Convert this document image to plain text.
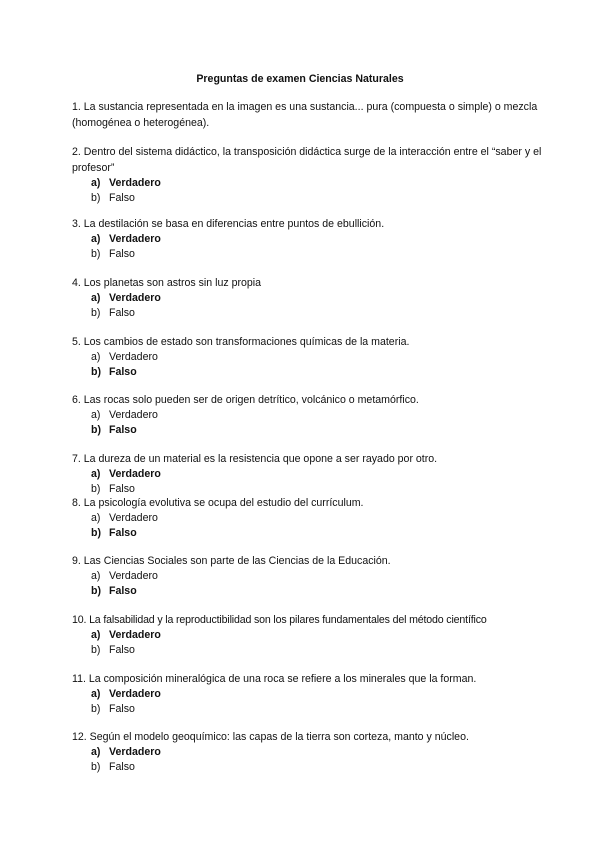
Preguntas de examen Ciencias Naturales
1. La sustancia representada en la imagen es una sustancia... pura (compuesta o simple) o mezcla (homogénea o heterogénea).
2. Dentro del sistema didáctico, la transposición didáctica surge de la interacción entre el “saber y el profesor”
a) Verdadero
b) Falso
3. La destilación se basa en diferencias entre puntos de ebullición.
a) Verdadero
b) Falso
4. Los planetas son astros sin luz propia
a) Verdadero
b) Falso
5. Los cambios de estado son transformaciones químicas de la materia.
a) Verdadero
b) Falso
6. Las rocas solo pueden ser de origen detrítico, volcánico o metamórfico.
a) Verdadero
b) Falso
7. La dureza de un material es la resistencia que opone a ser rayado por otro.
a) Verdadero
b) Falso
8. La psicología evolutiva se ocupa del estudio del currículum.
a) Verdadero
b) Falso
9. Las Ciencias Sociales son parte de las Ciencias de la Educación.
a) Verdadero
b) Falso
10. La falsabilidad y la reproductibilidad son los pilares fundamentales del método científico
a) Verdadero
b) Falso
11. La composición mineralógica de una roca se refiere a los minerales que la forman.
a) Verdadero
b) Falso
12. Según el modelo geoquímico: las capas de la tierra son corteza, manto y núcleo.
a) Verdadero
b) Falso
